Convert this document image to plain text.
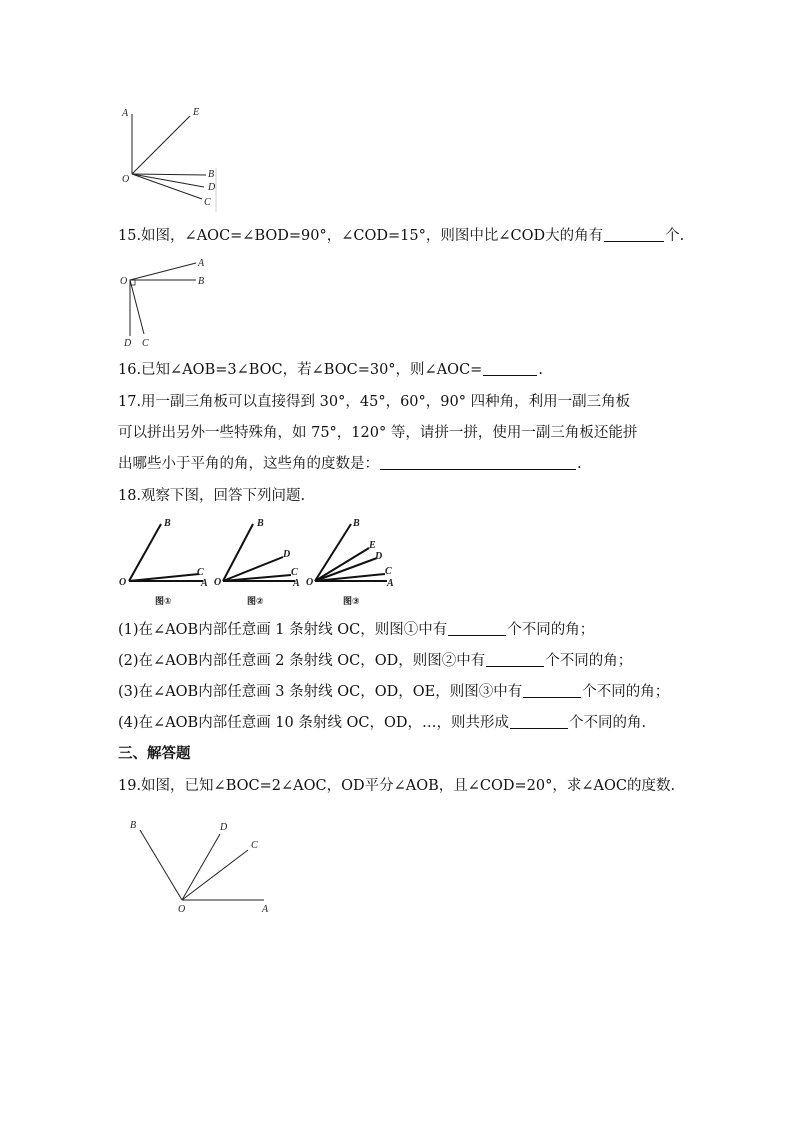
A	E
O	B
D
C
15.如图，∠AOC=∠BOD=90°，∠COD=15°，则图中比∠COD大的角有	个.
O
A
B
D C
16.已知∠AOB=3∠BOC，若∠BOC=30°，则∠AOC=	.
17.用一副三角板可以直接得到 30°，45°，60°，90° 四种角，利用一副三角板
可以拼出另外一些特殊角，如 75°，120° 等，请拼一拼，使用一副三角板还能拼
出哪些小于平角的角，这些角的度数是：	.
18.观察下图，回答下列问题.
O
B
C
A
图①
O
B
D
C
A
图②
O
B
E
D
C
A
图③
(1)在∠AOB内部任意画 1 条射线 OC，则图①中有	个不同的角；
(2)在∠AOB内部任意画 2 条射线 OC，OD，则图②中有	个不同的角；
(3)在∠AOB内部任意画 3 条射线 OC，OD，OE，则图③中有	个不同的角；
(4)在∠AOB内部任意画 10 条射线 OC，OD，…，则共形成	个不同的角.
三、解答题
19.如图，已知∠BOC=2∠AOC，OD平分∠AOB，且∠COD=20°，求∠AOC的度数.
B	D
C
O	A
